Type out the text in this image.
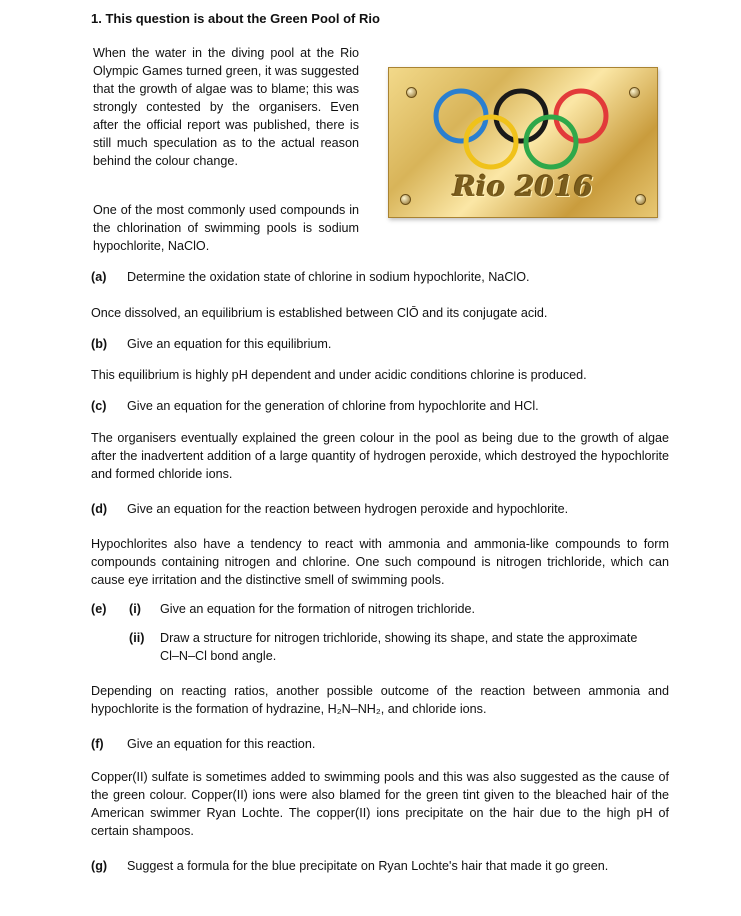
1. This question is about the Green Pool of Rio

When the water in the diving pool at the Rio Olympic Games turned green, it was suggested that the growth of algae was to blame; this was strongly contested by the organisers. Even after the official report was published, there is still much speculation as to the actual reason behind the colour change.

One of the most commonly used compounds in the chlorination of swimming pools is sodium hypochlorite, NaClO.

Rio 2016
(a) Determine the oxidation state of chlorine in sodium hypochlorite, NaClO.

Once dissolved, an equilibrium is established between ClŌ and its conjugate acid.

(b) Give an equation for this equilibrium.

This equilibrium is highly pH dependent and under acidic conditions chlorine is produced.

(c) Give an equation for the generation of chlorine from hypochlorite and HCl.

The organisers eventually explained the green colour in the pool as being due to the growth of algae after the inadvertent addition of a large quantity of hydrogen peroxide, which destroyed the hypochlorite and formed chloride ions.

(d) Give an equation for the reaction between hydrogen peroxide and hypochlorite.

Hypochlorites also have a tendency to react with ammonia and ammonia-like compounds to form compounds containing nitrogen and chlorine. One such compound is nitrogen trichloride, which can cause eye irritation and the distinctive smell of swimming pools.

(e)	(i) Give an equation for the formation of nitrogen trichloride.
(ii) Draw a structure for nitrogen trichloride, showing its shape, and state the approximate Cl–N–Cl bond angle.

Depending on reacting ratios, another possible outcome of the reaction between ammonia and hypochlorite is the formation of hydrazine, H₂N–NH₂, and chloride ions.

(f) Give an equation for this reaction.

Copper(II) sulfate is sometimes added to swimming pools and this was also suggested as the cause of the green colour. Copper(II) ions were also blamed for the green tint given to the bleached hair of the American swimmer Ryan Lochte. The copper(II) ions precipitate on the hair due to the high pH of certain shampoos.

(g) Suggest a formula for the blue precipitate on Ryan Lochte's hair that made it go green.
